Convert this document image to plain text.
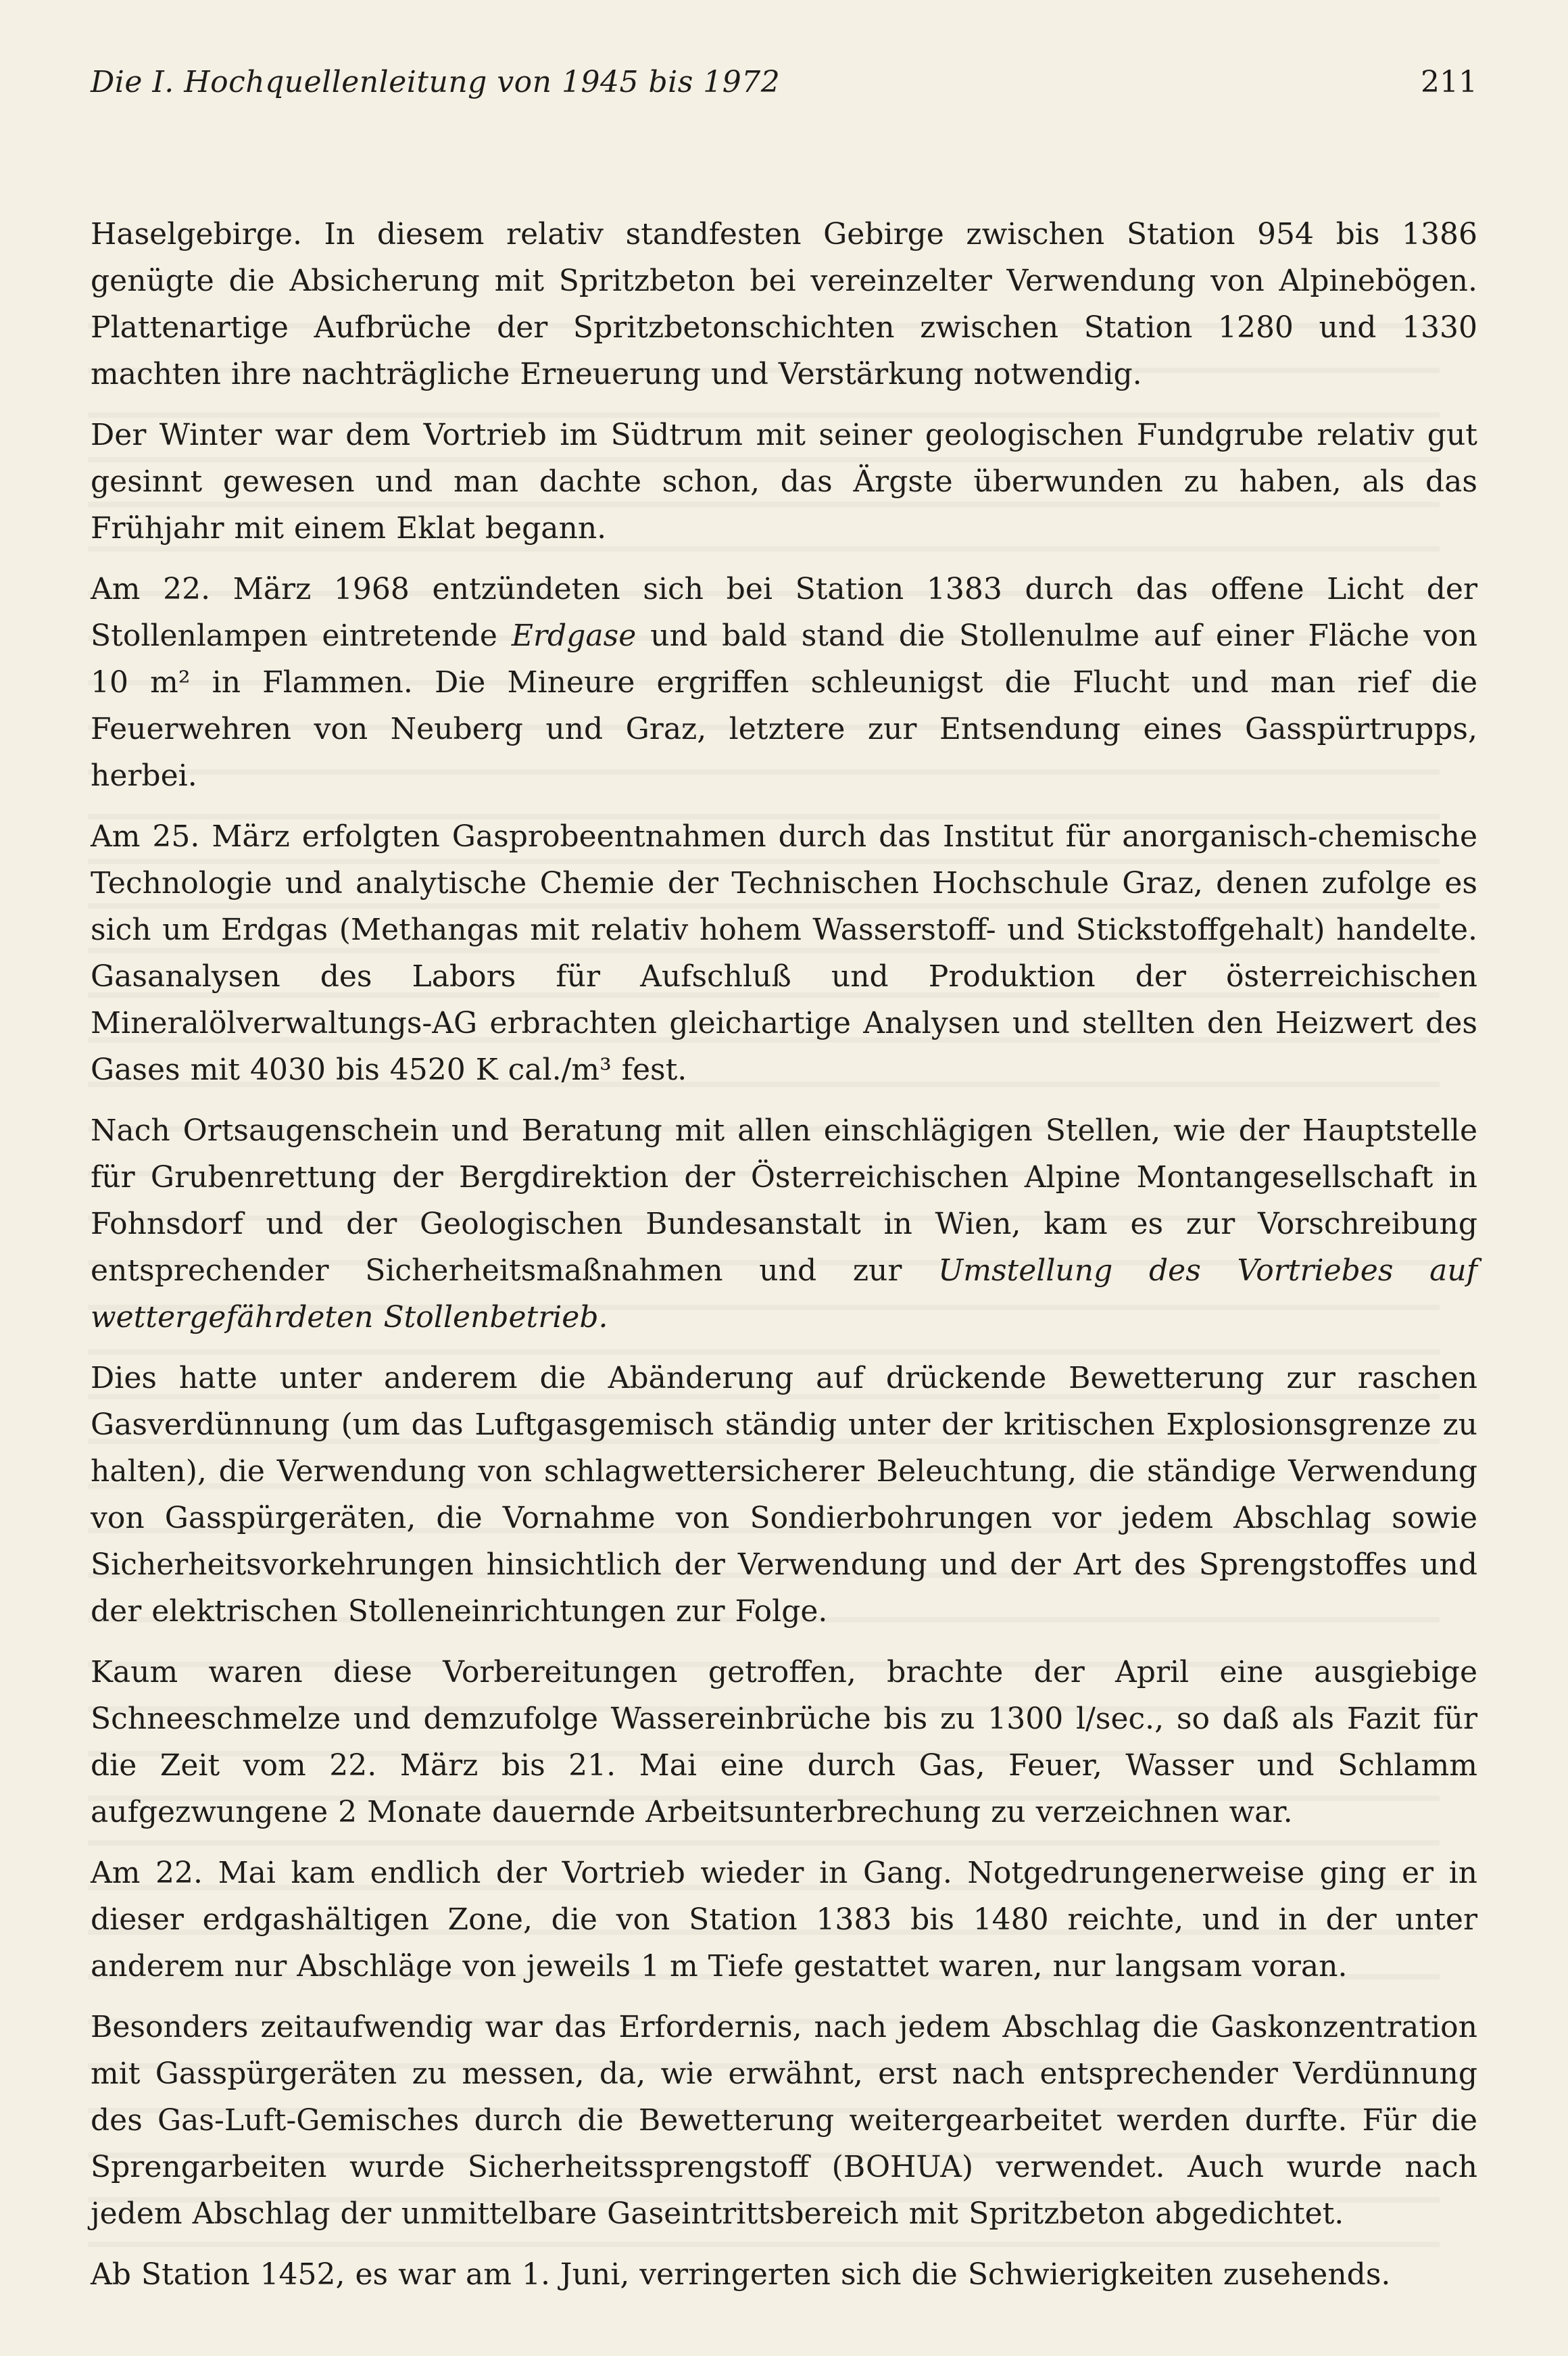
Die I. Hochquellenleitung von 1945 bis 1972	211

Haselgebirge. In diesem relativ standfesten Gebirge zwischen Station 954 bis 1386 genügte die Absicherung mit Spritzbeton bei vereinzelter Verwendung von Alpinebögen. Plattenartige Aufbrüche der Spritzbetonschichten zwischen Station 1280 und 1330 machten ihre nachträgliche Erneuerung und Verstärkung notwendig.

Der Winter war dem Vortrieb im Südtrum mit seiner geologischen Fundgrube relativ gut gesinnt gewesen und man dachte schon, das Ärgste überwunden zu haben, als das Frühjahr mit einem Eklat begann.

Am 22. März 1968 entzündeten sich bei Station 1383 durch das offene Licht der Stollenlampen eintretende Erdgase und bald stand die Stollenulme auf einer Fläche von 10 m² in Flammen. Die Mineure ergriffen schleunigst die Flucht und man rief die Feuerwehren von Neuberg und Graz, letztere zur Entsendung eines Gasspürtrupps, herbei.

Am 25. März erfolgten Gasprobeentnahmen durch das Institut für anorganisch-chemische Technologie und analytische Chemie der Technischen Hochschule Graz, denen zufolge es sich um Erdgas (Methangas mit relativ hohem Wasserstoff- und Stickstoffgehalt) handelte. Gasanalysen des Labors für Aufschluß und Produktion der österreichischen Mineralölverwaltungs-AG erbrachten gleichartige Analysen und stellten den Heizwert des Gases mit 4030 bis 4520 K cal./m³ fest.

Nach Ortsaugenschein und Beratung mit allen einschlägigen Stellen, wie der Hauptstelle für Grubenrettung der Bergdirektion der Österreichischen Alpine Montangesellschaft in Fohnsdorf und der Geologischen Bundesanstalt in Wien, kam es zur Vorschreibung entsprechender Sicherheitsmaßnahmen und zur Umstellung des Vortriebes auf wettergefährdeten Stollenbetrieb.

Dies hatte unter anderem die Abänderung auf drückende Bewetterung zur raschen Gasverdünnung (um das Luftgasgemisch ständig unter der kritischen Explosionsgrenze zu halten), die Verwendung von schlagwettersicherer Beleuchtung, die ständige Verwendung von Gasspürgeräten, die Vornahme von Sondierbohrungen vor jedem Abschlag sowie Sicherheitsvorkehrungen hinsichtlich der Verwendung und der Art des Sprengstoffes und der elektrischen Stolleneinrichtungen zur Folge.

Kaum waren diese Vorbereitungen getroffen, brachte der April eine ausgiebige Schneeschmelze und demzufolge Wassereinbrüche bis zu 1300 l/sec., so daß als Fazit für die Zeit vom 22. März bis 21. Mai eine durch Gas, Feuer, Wasser und Schlamm aufgezwungene 2 Monate dauernde Arbeitsunterbrechung zu verzeichnen war.

Am 22. Mai kam endlich der Vortrieb wieder in Gang. Notgedrungenerweise ging er in dieser erdgashältigen Zone, die von Station 1383 bis 1480 reichte, und in der unter anderem nur Abschläge von jeweils 1 m Tiefe gestattet waren, nur langsam voran.

Besonders zeitaufwendig war das Erfordernis, nach jedem Abschlag die Gaskonzentration mit Gasspürgeräten zu messen, da, wie erwähnt, erst nach entsprechender Verdünnung des Gas-Luft-Gemisches durch die Bewetterung weitergearbeitet werden durfte. Für die Sprengarbeiten wurde Sicherheitssprengstoff (BOHUA) verwendet. Auch wurde nach jedem Abschlag der unmittelbare Gaseintrittsbereich mit Spritzbeton abgedichtet.

Ab Station 1452, es war am 1. Juni, verringerten sich die Schwierigkeiten zusehends.
